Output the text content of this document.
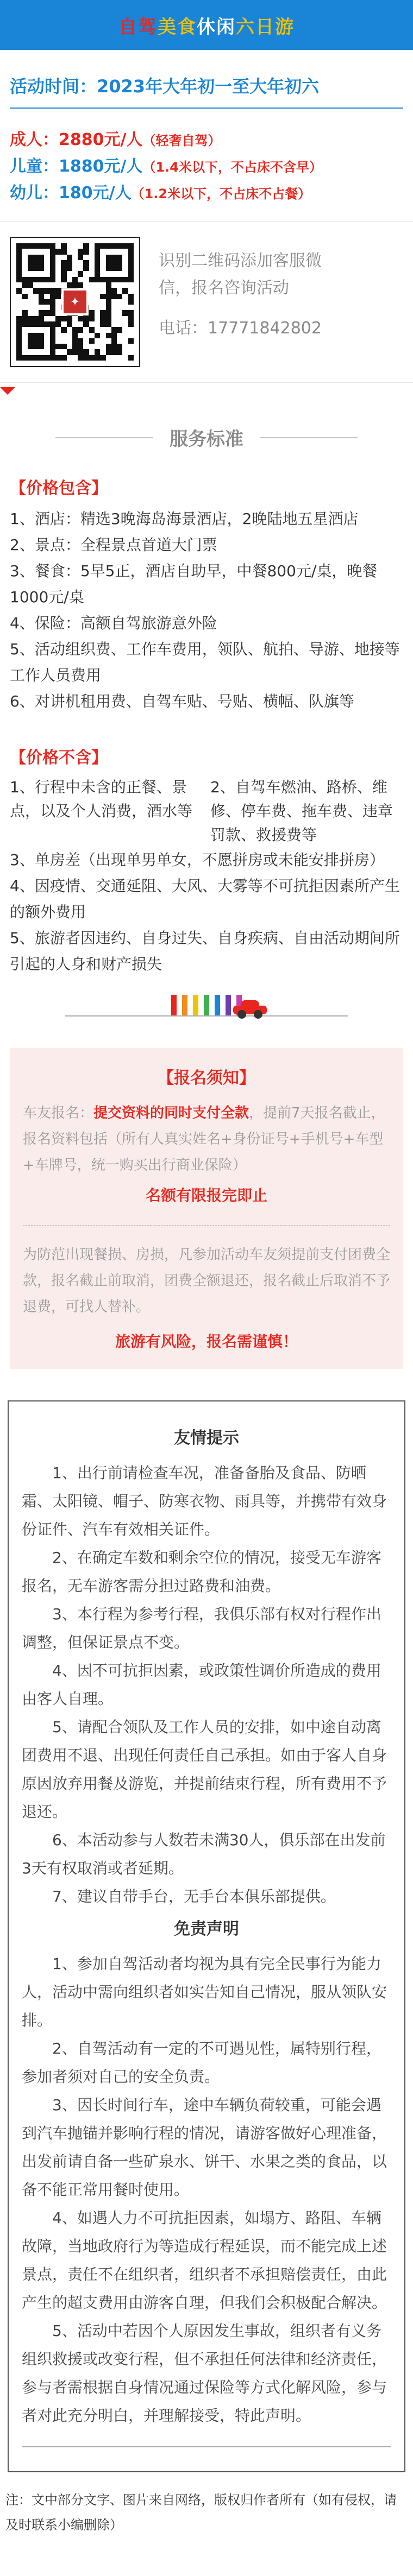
自驾美食休闲六日游
活动时间：2023年大年初一至大年初六
成人：2880元/人（轻奢自驾）
儿童：1880元/人（1.4米以下，不占床不含早）
幼儿：180元/人（1.2米以下，不占床不占餐）
✦
识别二维码添加客服微
信，报名咨询活动
电话：17771842802
服务标准
【价格包含】
1、酒店：精选3晚海岛海景酒店，2晚陆地五星酒店
2、景点：全程景点首道大门票
3、餐食：5早5正，酒店自助早，中餐800元/桌，晚餐1000元/桌
4、保险：高额自驾旅游意外险
5、活动组织费、工作车费用，领队、航拍、导游、地接等工作人员费用
6、对讲机租用费、自驾车贴、号贴、横幅、队旗等
【价格不含】
1、行程中未含的正餐、景点，以及个人消费，酒水等
2、自驾车燃油、路桥、维修、停车费、拖车费、违章罚款、救援费等
3、单房差（出现单男单女，不愿拼房或未能安排拼房）
4、因疫情、交通延阻、大风、大雾等不可抗拒因素所产生的额外费用
5、旅游者因违约、自身过失、自身疾病、自由活动期间所引起的人身和财产损失
【报名须知】
车友报名：提交资料的同时支付全款，提前7天报名截止，报名资料包括（所有人真实姓名+身份证号+手机号+车型+车牌号，统一购买出行商业保险）
名额有限报完即止
为防范出现餐损、房损，凡参加活动车友须提前支付团费全款，报名截止前取消，团费全额退还，报名截止后取消不予退费，可找人替补。
旅游有风险，报名需谨慎！
友情提示
1、出行前请检查车况，准备备胎及食品、防晒霜、太阳镜、帽子、防寒衣物、雨具等，并携带有效身份证件、汽车有效相关证件。
2、在确定车数和剩余空位的情况，接受无车游客报名，无车游客需分担过路费和油费。
3、本行程为参考行程，我俱乐部有权对行程作出调整，但保证景点不变。
4、因不可抗拒因素，或政策性调价所造成的费用由客人自理。
5、请配合领队及工作人员的安排，如中途自动离团费用不退、出现任何责任自己承担。如由于客人自身原因放弃用餐及游览，并提前结束行程，所有费用不予退还。
6、本活动参与人数若未满30人，俱乐部在出发前3天有权取消或者延期。
7、建议自带手台，无手台本俱乐部提供。
免责声明
1、参加自驾活动者均视为具有完全民事行为能力人，活动中需向组织者如实告知自己情况，服从领队安排。
2、自驾活动有一定的不可遇见性，属特别行程，参加者须对自己的安全负责。
3、因长时间行车，途中车辆负荷较重，可能会遇到汽车抛锚并影响行程的情况，请游客做好心理准备，出发前请自备一些矿泉水、饼干、水果之类的食品，以备不能正常用餐时使用。
4、如遇人力不可抗拒因素，如塌方、路阻、车辆故障，当地政府行为等造成行程延误，而不能完成上述景点，责任不在组织者，组织者不承担赔偿责任，由此产生的超支费用由游客自理，但我们会积极配合解决。
5、活动中若因个人原因发生事故，组织者有义务组织救援或改变行程，但不承担任何法律和经济责任，参与者需根据自身情况通过保险等方式化解风险，参与者对此充分明白，并理解接受，特此声明。
注：文中部分文字、图片来自网络，版权归作者所有（如有侵权，请及时联系小编删除）
